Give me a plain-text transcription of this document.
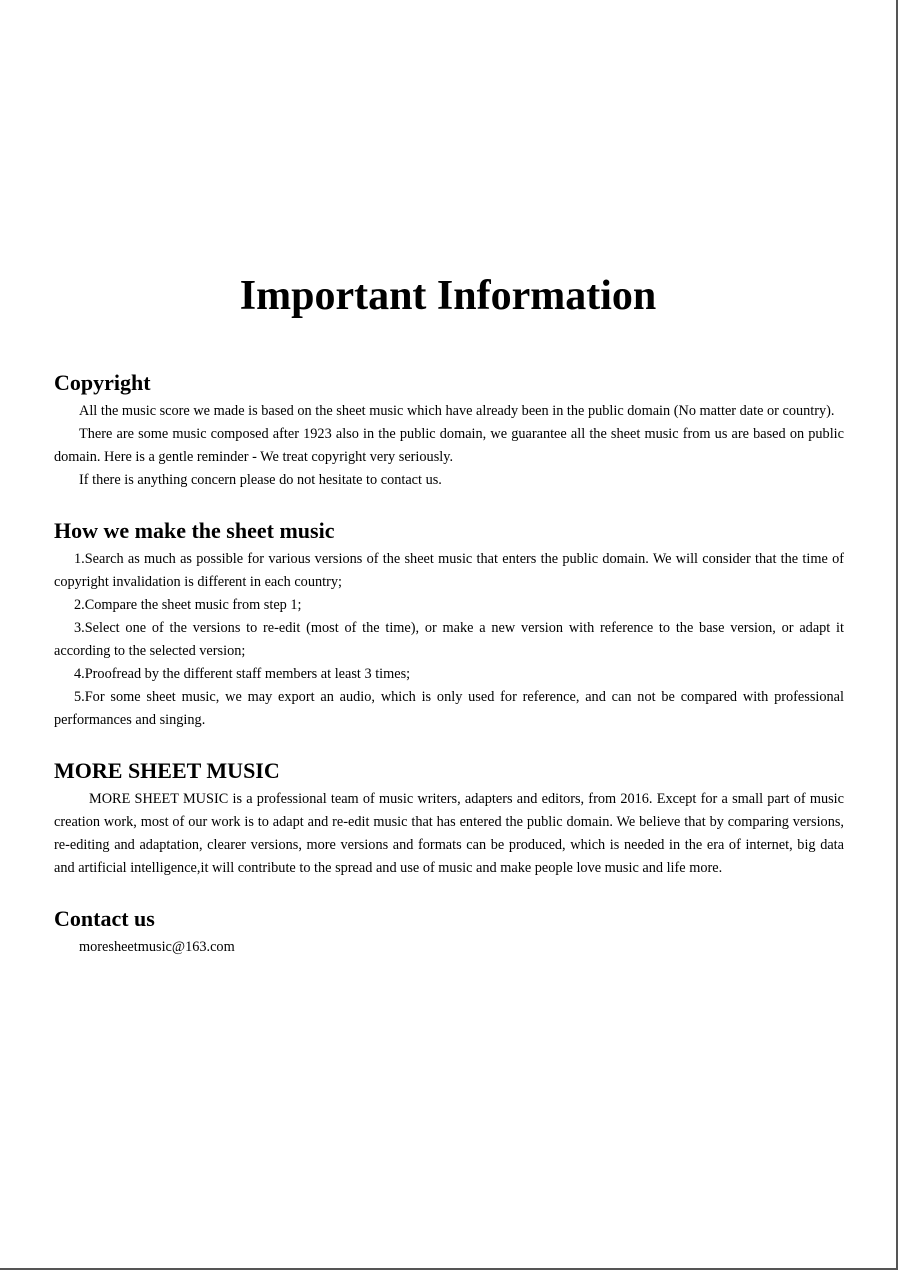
Important Information
Copyright

All the music score we made is based on the sheet music which have already been in the public domain (No matter date or country).

There are some music composed after 1923 also in the public domain, we guarantee all the sheet music from us are based on public domain. Here is a gentle reminder - We treat copyright very seriously.

If there is anything concern please do not hesitate to contact us.

How we make the sheet music

1.Search as much as possible for various versions of the sheet music that enters the public domain. We will consider that the time of copyright invalidation is different in each country;

2.Compare the sheet music from step 1;

3.Select one of the versions to re-edit (most of the time), or make a new version with reference to the base version, or adapt it according to the selected version;

4.Proofread by the different staff members at least 3 times;

5.For some sheet music, we may export an audio, which is only used for reference, and can not be compared with professional performances and singing.

MORE SHEET MUSIC

MORE SHEET MUSIC is a professional team of music writers, adapters and editors, from 2016. Except for a small part of music creation work, most of our work is to adapt and re-edit music that has entered the public domain. We believe that by comparing versions, re-editing and adaptation, clearer versions, more versions and formats can be produced, which is needed in the era of internet, big data and artificial intelligence,it will contribute to the spread and use of music and make people love music and life more.

Contact us

moresheetmusic@163.com
